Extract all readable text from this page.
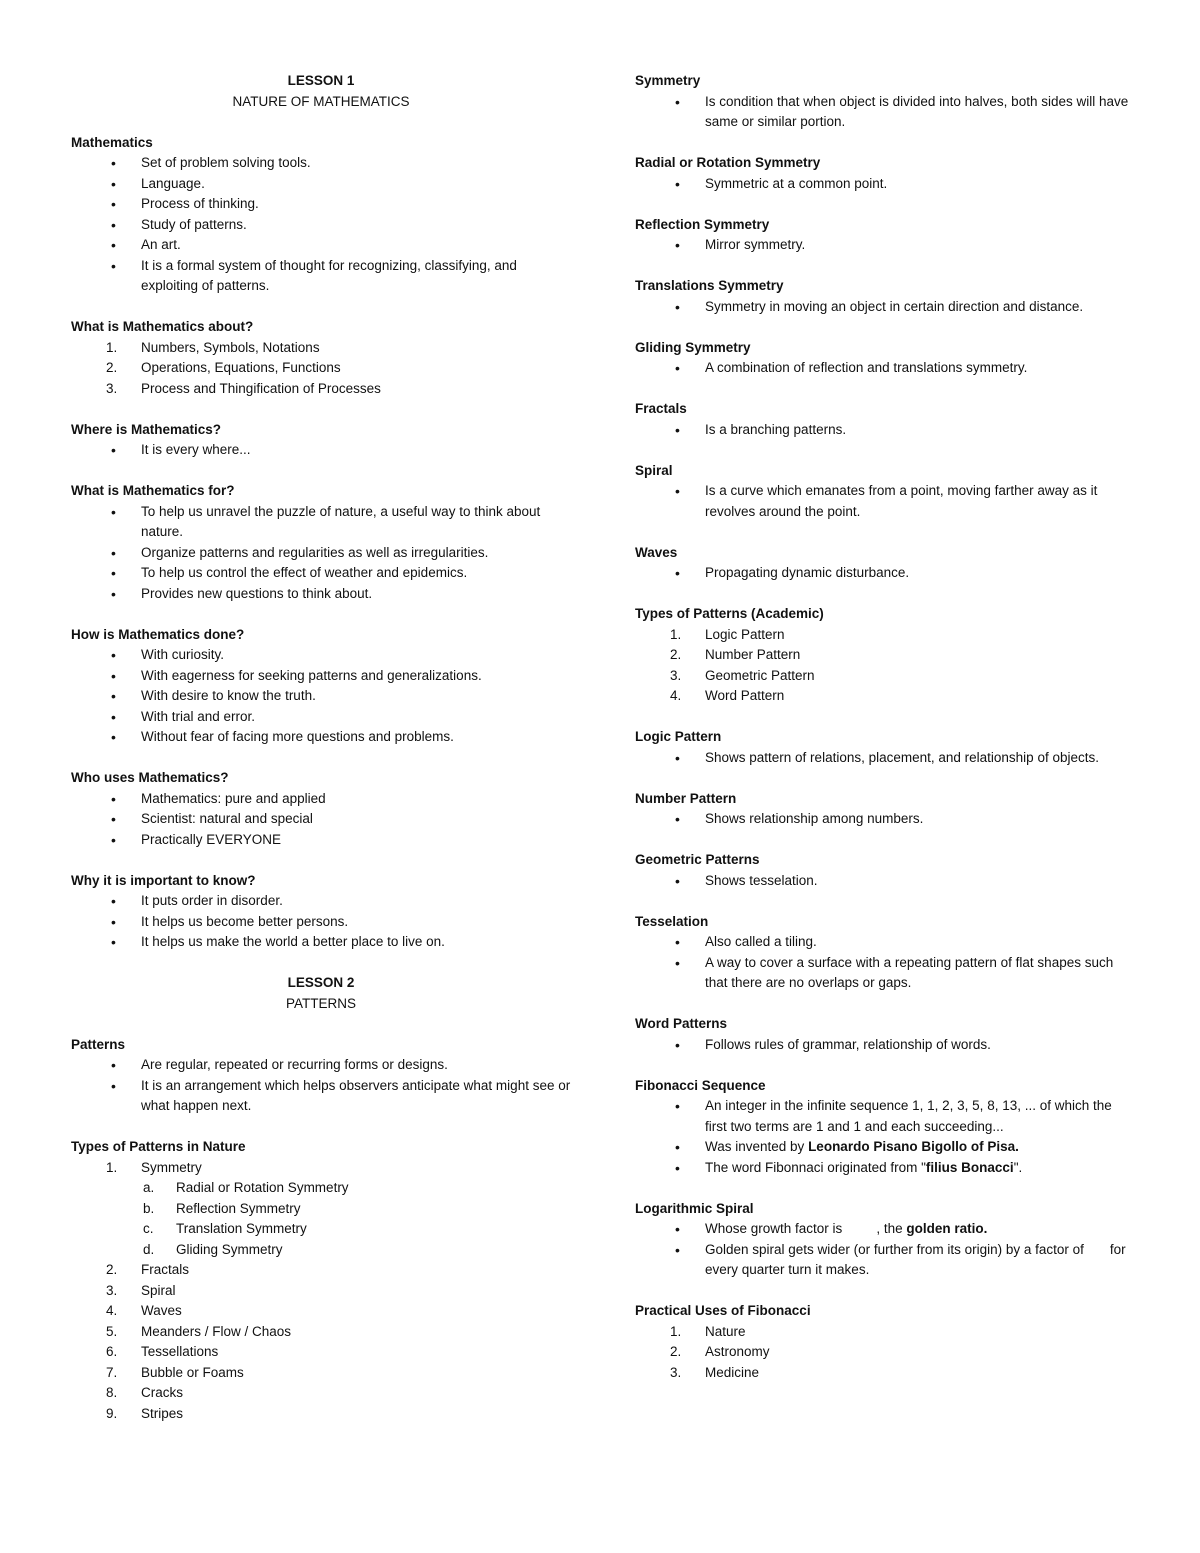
LESSON 1
NATURE OF MATHEMATICS

Mathematics

• Set of problem solving tools.
• Language.
• Process of thinking.
• Study of patterns.
• An art.
• It is a formal system of thought for recognizing, classifying, and exploiting of patterns.

What is Mathematics about?

1. Numbers, Symbols, Notations
2. Operations, Equations, Functions
3. Process and Thingification of Processes

Where is Mathematics?

• It is every where...

What is Mathematics for?

• To help us unravel the puzzle of nature, a useful way to think about nature.
• Organize patterns and regularities as well as irregularities.
• To help us control the effect of weather and epidemics.
• Provides new questions to think about.

How is Mathematics done?

• With curiosity.
• With eagerness for seeking patterns and generalizations.
• With desire to know the truth.
• With trial and error.
• Without fear of facing more questions and problems.

Who uses Mathematics?

• Mathematics: pure and applied
• Scientist: natural and special
• Practically EVERYONE

Why it is important to know?

• It puts order in disorder.
• It helps us become better persons.
• It helps us make the world a better place to live on.
LESSON 2
PATTERNS

Patterns

• Are regular, repeated or recurring forms or designs.
• It is an arrangement which helps observers anticipate what might see or what happen next.

Types of Patterns in Nature

1. Symmetry
a. Radial or Rotation Symmetry
b. Reflection Symmetry
c. Translation Symmetry
d. Gliding Symmetry
2. Fractals
3. Spiral
4. Waves
5. Meanders / Flow / Chaos
6. Tessellations
7. Bubble or Foams
8. Cracks
9. Stripes

Symmetry

• Is condition that when object is divided into halves, both sides will have same or similar portion.

Radial or Rotation Symmetry

• Symmetric at a common point.

Reflection Symmetry

• Mirror symmetry.

Translations Symmetry

• Symmetry in moving an object in certain direction and distance.

Gliding Symmetry

• A combination of reflection and translations symmetry.

Fractals

• Is a branching patterns.

Spiral

• Is a curve which emanates from a point, moving farther away as it revolves around the point.

Waves

• Propagating dynamic disturbance.

Types of Patterns (Academic)

1. Logic Pattern
2. Number Pattern
3. Geometric Pattern
4. Word Pattern

Logic Pattern

• Shows pattern of relations, placement, and relationship of objects.

Number Pattern

• Shows relationship among numbers.

Geometric Patterns

• Shows tesselation.

Tesselation

• Also called a tiling.
• A way to cover a surface with a repeating pattern of flat shapes such that there are no overlaps or gaps.

Word Patterns

• Follows rules of grammar, relationship of words.

Fibonacci Sequence

• An integer in the infinite sequence 1, 1, 2, 3, 5, 8, 13, ... of which the first two terms are 1 and 1 and each succeeding...
• Was invented by Leonardo Pisano Bigollo of Pisa.
• The word Fibonnaci originated from "filius Bonacci".

Logarithmic Spiral

• Whose growth factor is	, the golden ratio.
• Golden spiral gets wider (or further from its origin) by a factor of for every quarter turn it makes.

Practical Uses of Fibonacci

1. Nature
2. Astronomy
3. Medicine
